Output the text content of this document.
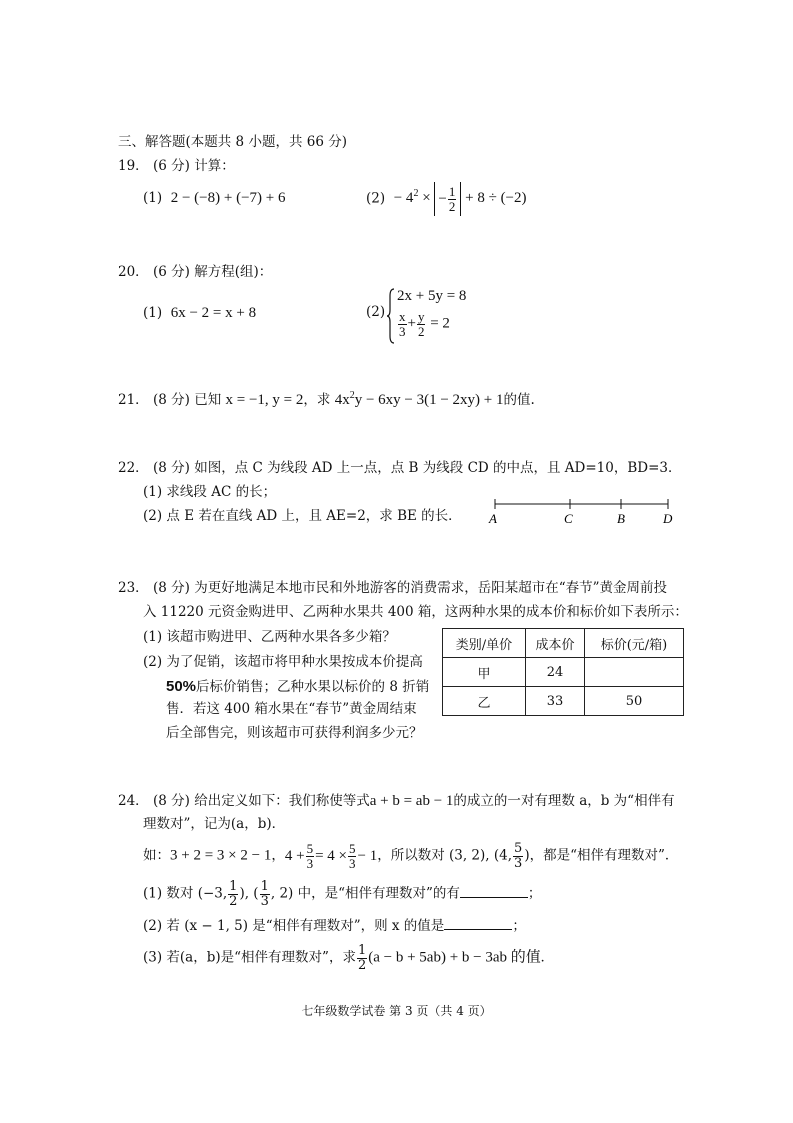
三、解答题(本题共 8 小题，共 66 分)
19． (6 分) 计算：
(1) 2 − (−8) + (−7) + 6	$(2) - 4^2$ × − $\frac{1}{2} + 8 \div (-2)$
20． (6 分) 解方程(组)：
(1) 6x − 2 = x + 8	(2)
2x + 5y = 8
$\frac{x}{3} + \frac{y}{2} = 2$
21． (8 分) 已知 x = −1, y = 2，求 $4x^2y - 6xy - 3(1 - 2xy) + 1$的值.
22． (8 分) 如图，点 C 为线段 AD 上一点，点 B 为线段 CD 的中点，且 AD=10，BD=3．
(1) 求线段 AC 的长；
(2) 点 E 若在直线 AD 上，且 AE=2，求 BE 的长． A	C	B	D
23． (8 分) 为更好地满足本地市民和外地游客的消费需求，岳阳某超市在“春节”黄金周前投
入 11220 元资金购进甲、乙两种水果共 400 箱，这两种水果的成本价和标价如下表所示：
(1) 该超市购进甲、乙两种水果各多少箱？
(2) 为了促销，该超市将甲种水果按成本价提高
50%后标价销售；乙种水果以标价的 8 折销
售．若这 400 箱水果在“春节”黄金周结束
后全部售完，则该超市可获得利润多少元？
类别/单价	成本价	标价(元/箱)
甲	24	
乙	33	50
24． (8 分) 给出定义如下：我们称使等式a + b = ab − 1的成立的一对有理数 a，b 为“相伴有
理数对”，记为(a，b)．
如：3 + 2 = 3 × 2 − 1，$4 + \frac{5}{3} = 4 \times \frac{5}{3} - 1$，所以数对 (3, 2), (4, $\frac{5}{3}$ )，都是“相伴有理数对”．
(1) 数对 (−3, $\frac{1}{2}$ ), ( $\frac{1}{3}$ , 2) 中，是“相伴有理数对”的有	；
(2) 若 (x − 1, 5) 是“相伴有理数对”，则 x 的值是	；
(3) 若(a，b)是“相伴有理数对”，求 $\frac{1}{2} (a - b + 5ab) + b - 3ab$ 的值.
七年级数学试卷 第 3 页（共 4 页）
